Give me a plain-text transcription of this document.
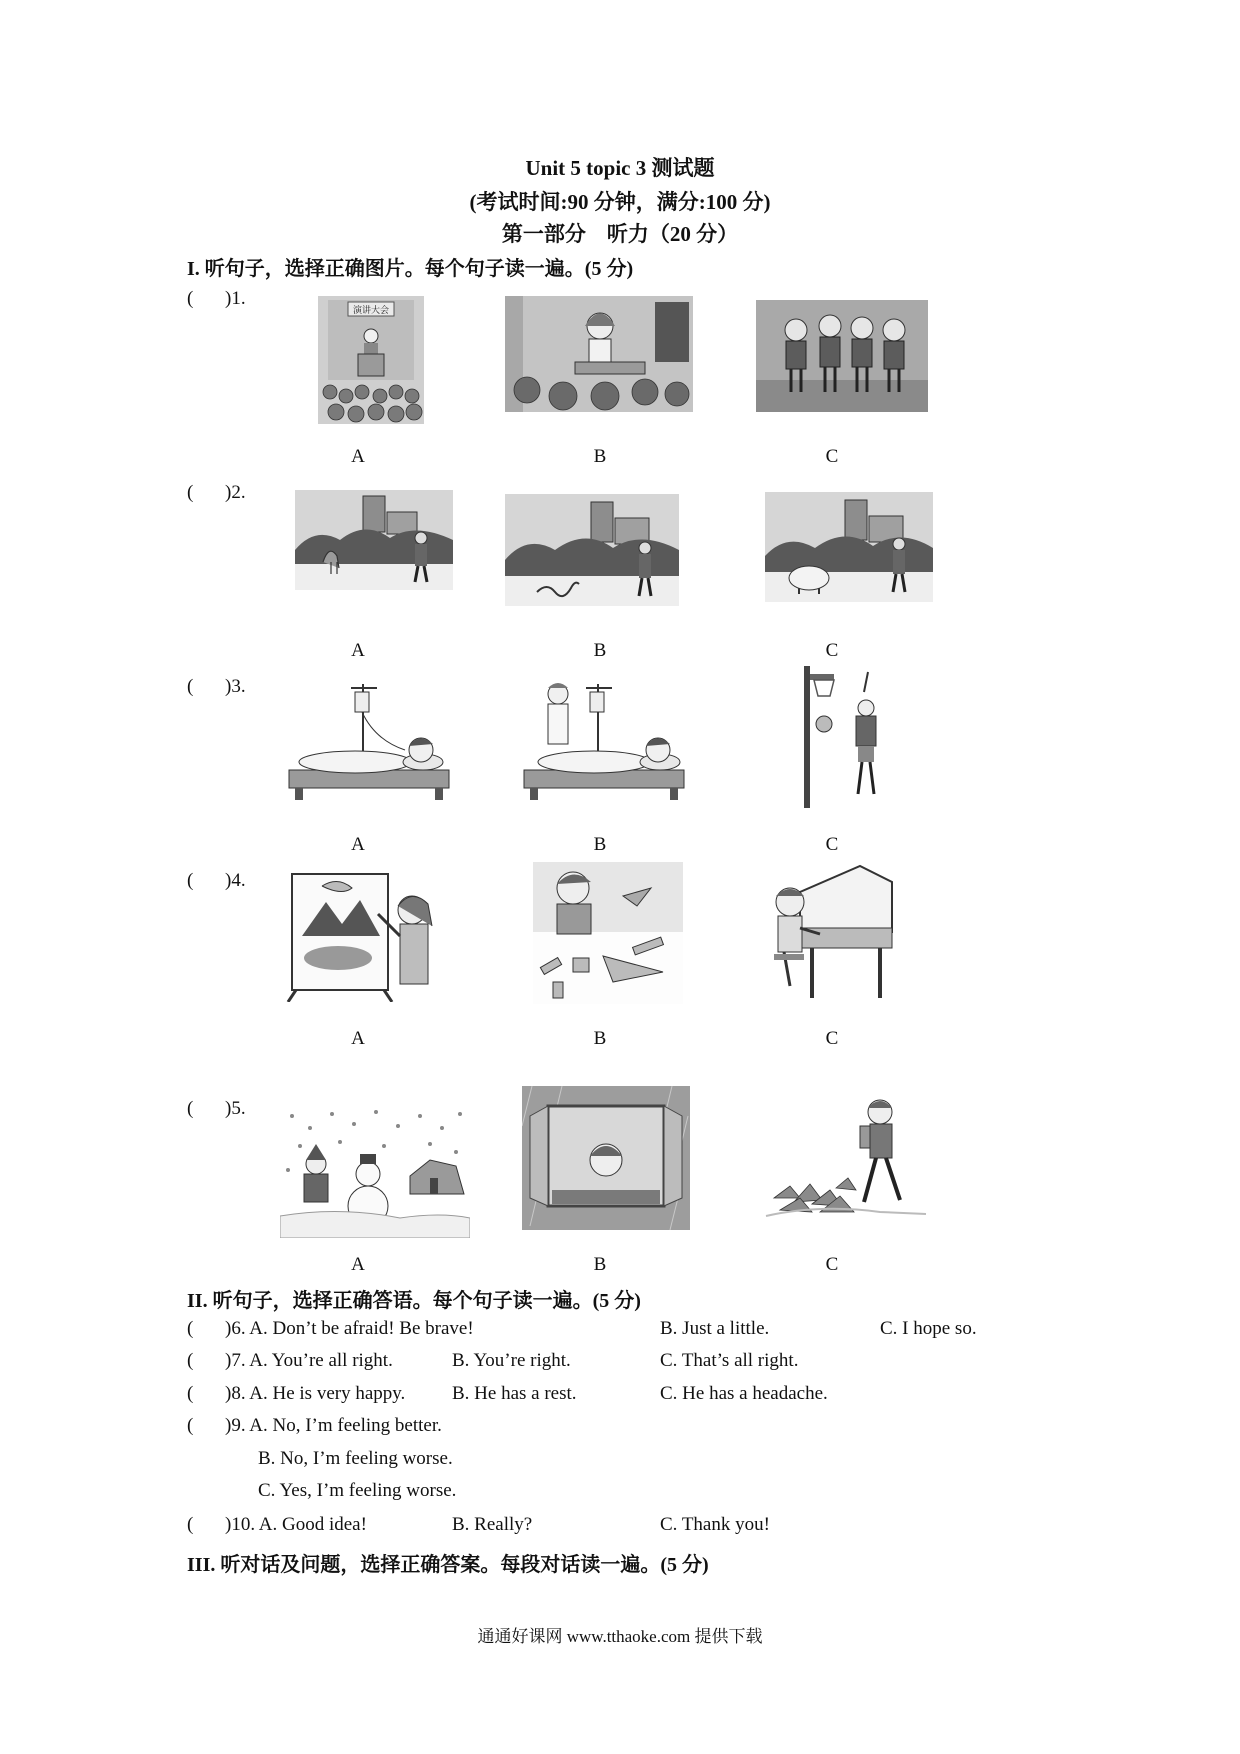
Unit 5 topic 3 测试题
(考试时间:90 分钟，满分:100 分)
第一部分　听力（20 分）
I. 听句子，选择正确图片。每个句子读一遍。(5 分)
( )1.
演讲大会
A	B	C
( )2.
A	B	C
( )3.
A	B	C
( )4.
A	B	C
( )5.
A	B	C
II. 听句子，选择正确答语。每个句子读一遍。(5 分)
( )6. A. Don’t be afraid! Be brave!	B. Just a little.	C. I hope so.
( )7. A. You’re all right.	B. You’re right.	C. That’s all right.
( )8. A. He is very happy. B. He has a rest.	C. He has a headache.
( )9. A. No, I’m feeling better.
B. No, I’m feeling worse.
C. Yes, I’m feeling worse.
( )10. A. Good idea!	B. Really?	C. Thank you!
III. 听对话及问题，选择正确答案。每段对话读一遍。(5 分)
通通好课网 www.tthaoke.com 提供下载
